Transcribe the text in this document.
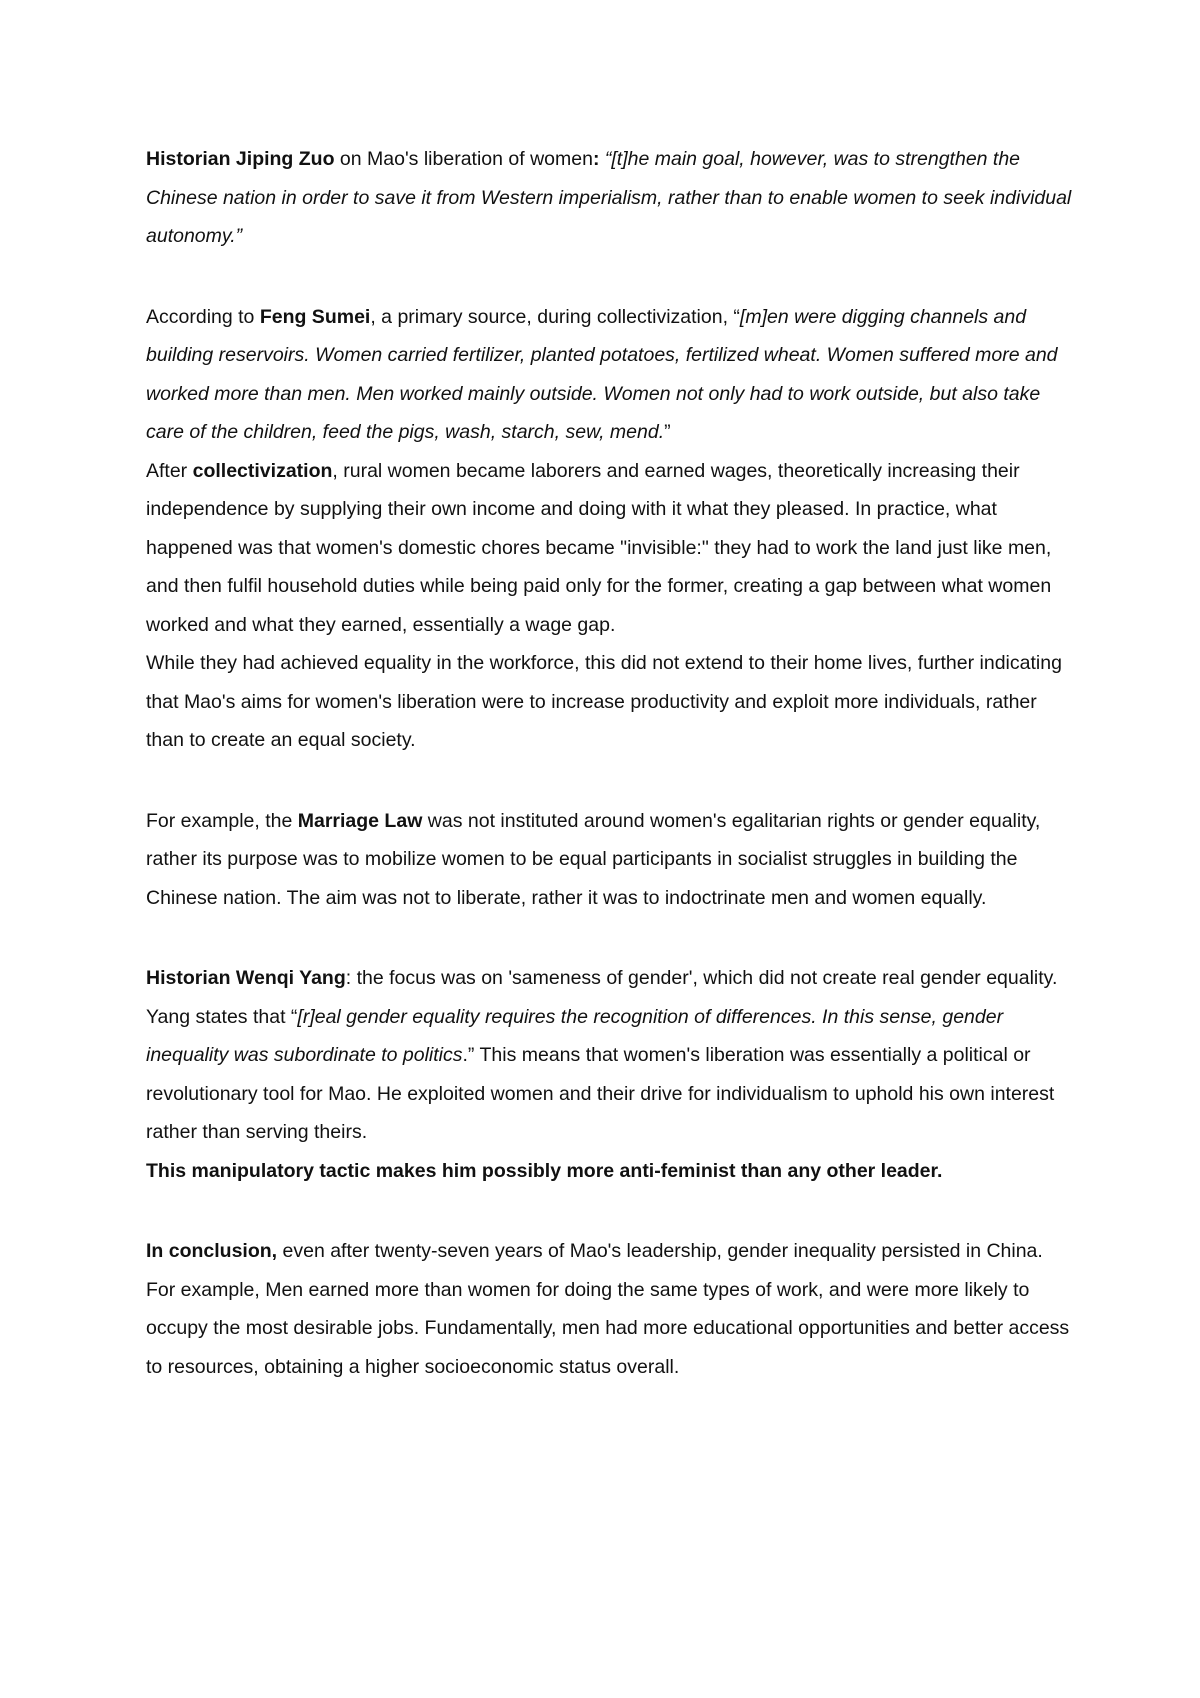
Historian Jiping Zuo on Mao's liberation of women: “[t]he main goal, however, was to strengthen the Chinese nation in order to save it from Western imperialism, rather than to enable women to seek individual autonomy.”

According to Feng Sumei, a primary source, during collectivization, “[m]en were digging channels and building reservoirs. Women carried fertilizer, planted potatoes, fertilized wheat. Women suffered more and worked more than men. Men worked mainly outside. Women not only had to work outside, but also take care of the children, feed the pigs, wash, starch, sew, mend.”

After collectivization, rural women became laborers and earned wages, theoretically increasing their independence by supplying their own income and doing with it what they pleased. In practice, what happened was that women's domestic chores became "invisible:" they had to work the land just like men, and then fulfil household duties while being paid only for the former, creating a gap between what women worked and what they earned, essentially a wage gap.

While they had achieved equality in the workforce, this did not extend to their home lives, further indicating that Mao's aims for women's liberation were to increase productivity and exploit more individuals, rather than to create an equal society.

For example, the Marriage Law was not instituted around women's egalitarian rights or gender equality, rather its purpose was to mobilize women to be equal participants in socialist struggles in building the Chinese nation. The aim was not to liberate, rather it was to indoctrinate men and women equally.

Historian Wenqi Yang: the focus was on 'sameness of gender', which did not create real gender equality. Yang states that “[r]eal gender equality requires the recognition of differences. In this sense, gender inequality was subordinate to politics.” This means that women's liberation was essentially a political or revolutionary tool for Mao. He exploited women and their drive for individualism to uphold his own interest rather than serving theirs.
This manipulatory tactic makes him possibly more anti-feminist than any other leader.

In conclusion, even after twenty-seven years of Mao's leadership, gender inequality persisted in China. For example, Men earned more than women for doing the same types of work, and were more likely to occupy the most desirable jobs. Fundamentally, men had more educational opportunities and better access to resources, obtaining a higher socioeconomic status overall.
